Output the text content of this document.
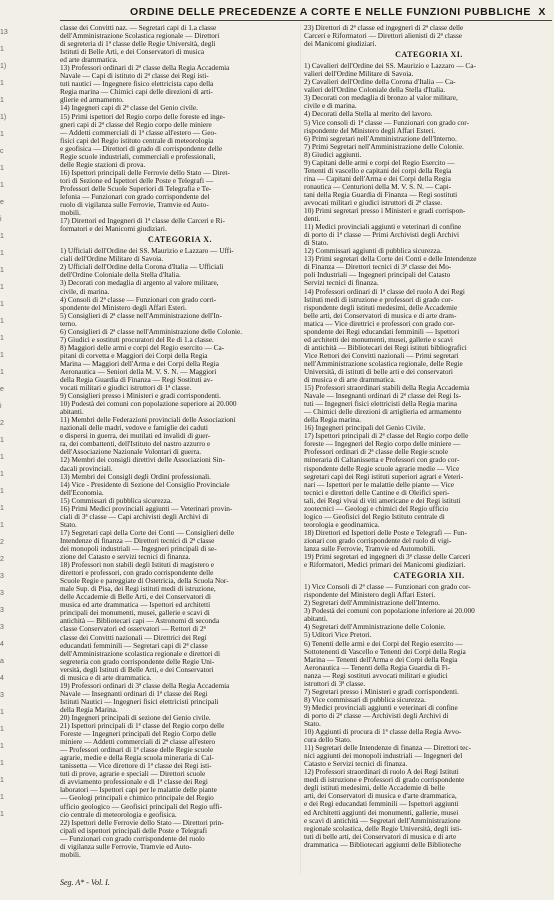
ORDINE DELLE PRECEDENZE A CORTE E NELLE FUNZIONI PUBBLICHE X
13
1
1)
1
1
1)
1
c
1
1
e
i
1
1
1
1
1
1
1
1
1
e
i
2
1
1
1
1
1
1
2
2
3
3
3
3
4
a
4
3
1
1
1
1
1
1
1
classe dei Convitti naz. — Segretari capi di 1.a classe
dell'Amministrazione Scolastica regionale — Direttori
di segreteria di 1ª classe delle Regie Università, degli
Istituti di Belle Arti, e dei Conservatori di musica
ed arte drammatica.
13) Professori ordinari di 2ª classe della Regia Accademia
Navale — Capi di istituto di 2ª classe dei Regi isti-
tuti nautici — Ingegnere fisico elettricista capo della
Regia marina — Chimici capi delle direzioni di arti-
glierie ed armamento.
14) Ingegneri capi di 2ª classe del Genio civile.
15) Primi ispettori del Regio corpo delle foreste ed inge-
gneri capi di 2ª classe del Regio corpo delle miniere
— Addetti commerciali di 1ª classe all'estero — Geo-
fisici capi del Regio istituto centrale di meteorologia
e geofisica — Direttori di grado di corrispondente delle
Regie scuole industriali, commerciali e professionali,
delle Regie stazioni di prova.
16) Ispettori principali delle Ferrovie dello Stato — Diret-
tori di Sezione ed Ispettori delle Poste e Telegrafi —
Professori delle Scuole Superiori di Telegrafia e Te-
lefonia — Funzionari con grado corrispondente del
ruolo di vigilanza sulle Ferrovie, Tramvie ed Auto-
mobili.
17) Direttori ed Ingegneri di 1ª classe delle Carceri e Ri-
formatori e dei Manicomi giudiziari.
CATEGORIA X.
1) Ufficiali dell'Ordine dei SS. Maurizio e Lazzaro — Uffi-
ciali dell'Ordine Militare di Savoia.
2) Ufficiali dell'Ordine della Corona d'Italia — Ufficiali
dell'Ordine Coloniale della Stella d'Italia.
3) Decorati con medaglia di argento al valore militare,
civile, di marina.
4) Consoli di 2ª classe — Funzionari con grado corri-
spondente del Ministero degli Affari Esteri.
5) Consiglieri di 2ª classe nell'Amministrazione dell'In-
terno.
6) Consiglieri di 2ª classe nell'Amministrazione delle Colonie.
7) Giudici e sostituti procuratori del Re di 1.a classe.
8) Maggiori delle armi e corpi del Regio esercito — Ca-
pitani di corvetta e Maggiori dei Corpi della Regia
Marina — Maggiori dell'Arma e dei Corpi della Regia
Aeronautica — Seniori della M. V. S. N. — Maggiori
della Regia Guardia di Finanza — Regi Sostituti av-
vocati militari e giudici istruttori di 1ª classe.
9) Consiglieri presso i Ministeri e gradi corrispondenti.
10) Podestà dei comuni con popolazione superiore ai 20.000
abitanti.
11) Membri delle Federazioni provinciali delle Associazioni
nazionali delle madri, vedove e famiglie dei caduti
e dispersi in guerra, dei mutilati ed invalidi di guer-
ra, dei combattenti, dell'Istituto del nastro azzurro e
dell'Associazione Nazionale Volontari di guerra.
12) Membri dei consigli direttivi delle Associazioni Sin-
dacali provinciali.
13) Membri dei Consigli degli Ordini professionali.
14) Vice - Presidente di Sezione del Consiglio Provinciale
dell'Economia.
15) Commissari di pubblica sicurezza.
16) Primi Medici provinciali aggiunti — Veterinari provin-
ciali di 3ª classe — Capi archivisti degli Archivi di
Stato.
17) Segretari capi della Corte dei Conti — Consiglieri delle
Intendenze di finanza — Direttori tecnici di 2ª classe
dei monopoli industriali — Ingegneri principali di se-
zione del Catasto e servizi tecnici di finanza.
18) Professori non stabili degli Istituti di magistero e
direttori e professori, con grado corrispondente delle
Scuole Regie e pareggiate di Ostetricia, della Scuola Nor-
male Sup. di Pisa, dei Regi istituti medi di istruzione,
delle Accademie di Belle Arti, e dei Conservatori di
musica ed arte drammatica — Ispettori ed architetti
principali dei monumenti, musei, gallerie e scavi di
antichità — Bibliotecari capi — Astronomi di seconda
classe Conservatori ed osservatori — Rettori di 2ª
classe dei Convitti nazionali — Direttrici dei Regi
educandati femminili — Segretari capi di 2ª classe
dell'Amministrazione scolastica regionale e direttori di
segreteria con grado corrispondente delle Regie Uni-
versità, degli Istituti di Belle Arti, e dei Conservatori
di musica e di arte drammatica.
19) Professori ordinari di 3ª classe della Regia Accademia
Navale — Insegnanti ordinari di 1ª classe dei Regi
Istituti Nautici — Ingegneri fisici elettricisti principali
della Regia Marina.
20) Ingegneri principali di sezione del Genio civile.
21) Ispettori principali di 1ª classe del Regio corpo delle
Foreste — Ingegneri principali del Regio Corpo delle
miniere — Addetti commerciali di 2ª classe all'estero
— Professori ordinari di 1ª classe delle Regie scuole
agrarie, medie e della Regia scuola mineraria di Cal-
tanissetta — Vice direttore di 1ª classe dei Regi isti-
tuti di prove, agrarie e speciali — Direttori scuole
di avviamento professionale e di 1ª classe dei Regi
laboratori — Ispettori capi per le malattie delle piante
— Geologi principali e chimico principale del Regio
ufficio geologico — Geofisici principali del Regio uffi-
cio centrale di meteorologia e geofisica.
22) Ispettori delle Ferrovie dello Stato — Direttori prin-
cipali ed ispettori principali delle Poste e Telegrafi
— Funzionari con grado corrispondente del ruolo
di vigilanza sulle Ferrovie, Tramvie ed Auto-
mobili.
23) Direttori di 2ª classe ed ingegneri di 2ª classe delle
Carceri e Riformatori — Direttori alienisti di 2ª classe
dei Manicomi giudiziari.
CATEGORIA XI.
1) Cavalieri dell'Ordine dei SS. Maurizio e Lazzaro — Ca-
valieri dell'Ordine Militare di Savoia.
2) Cavalieri dell'Ordine della Corona d'Italia — Ca-
valieri dell'Ordine Coloniale della Stella d'Italia.
3) Decorati con medaglia di bronzo al valor militare,
civile e di marina.
4) Decorati della Stella al merito del lavoro.
5) Vice consoli di 1ª classe — Funzionari con grado cor-
rispondente del Ministero degli Affari Esteri.
6) Primi segretari nell'Amministrazione dell'Interno.
7) Primi Segretari nell'Amministrazione delle Colonie.
8) Giudici aggiunti.
9) Capitani delle armi e corpi del Regio Esercito —
Tenenti di vascello e capitani dei corpi della Regia
rina — Capitani dell'Arma e dei Corpi della Regia
ronautica — Centurioni della M. V. S. N. — Capi-
tani della Regia Guardia di Finanza — Regi sostituti
avvocati militari e giudici istruttori di 2ª classe.
10) Primi segretari presso i Ministeri e gradi corrispon-
denti.
11) Medici provinciali aggiunti e veterinari di confine
di porto di 1ª classe — Primi Archivisti degli Archivi
di Stato.
12) Commissari aggiunti di pubblica sicurezza.
13) Primi segretari della Corte dei Conti e delle Intendenze
di Finanza — Direttori tecnici di 3ª classe dei Mo-
poli Industriali — Ingegneri principali del Catasto
Servizi tecnici di finanza.
14) Professori ordinari di 1ª classe del ruolo A dei Regi
Istituti medi di istruzione e professori di grado cor-
rispondente degli istituti medesimi, delle Accademie
belle arti, dei Conservatori di musica e di arte dram-
matica — Vice direttrici e professori con grado cor-
spondente dei Regi educandati femminili — Ispettori
ed architetti dei monumenti, musei, gallerie e scavi
di antichità — Bibliotecari dei Regi istituti bibliografici
Vice Rettori dei Convitti nazionali — Primi segretari
nell'Amministrazione scolastica regionale, delle Regie
Università, di istituti di belle arti e dei conservatori
di musica e di arte drammatica.
15) Professori straordinari stabili della Regia Accademia
Navale — Insegnanti ordinari di 2ª classe dei Regi Is-
tuti — Ingegneri fisici elettricisti della Regia marina
— Chimici delle direzioni di artiglieria ed armamento
della Regia marina.
16) Ingegneri principali del Genio Civile.
17) Ispettori principali di 2ª classe del Regio corpo delle
foreste — Ingegneri del Regio corpo delle miniere —
Professori ordinari di 2ª classe delle Regie scuole
mineraria di Caltanissetta e Professori con grado cor-
rispondente delle Regie scuole agrarie medie — Vice
segretari capi dei Regi istituti superiori agrari e Veteri-
nari — Ispettori per le malattie delle piante — Vice
tecnici e direttori delle Cantine e di Oleifici speri-
tali, dei Regi vivai di viti americane e dei Regi istituti
zootecnici — Geologi e chimici del Regio ufficio
logico — Geofisici del Regio Istituto centrale di
teorologia e geodinamica.
18) Direttori ed Ispettori delle Poste e Telegrafi — Fun-
zionari con grado corrispondente del ruolo di vigi-
lanza sulle Ferrovie, Tramvie ed Automobili.
19) Primi segretari ed ingegneri di 3ª classe delle Carceri
e Riformatori, Medici primari dei Manicomi giudiziari.
CATEGORIA XII.
1) Vice Consoli di 2ª classe — Funzionari con grado cor-
rispondente del Ministero degli Affari Esteri.
2) Segretari dell'Amministrazione dell'Interno.
3) Podestà dei comuni con popolazione inferiore ai 20.000
abitanti.
4) Segretari dell'Amministrazione delle Colonie.
5) Uditori Vice Pretori.
6) Tenenti delle armi e dei Corpi del Regio esercito —
Sottotenenti di Vascello e Tenenti dei Corpi della Regia
Marina — Tenenti dell'Arma e dei Corpi della Regia
Aeronautica — Tenenti della Regia Guardia di Fi-
nanza — Regi sostituti avvocati militari e giudici
istruttori di 3ª classe.
7) Segretari presso i Ministeri e gradi corrispondenti.
8) Vice commissari di pubblica sicurezza.
9) Medici provinciali aggiunti e veterinari di confine
di porto di 2ª classe — Archivisti degli Archivi di
Stato.
10) Aggiunti di procura di 1ª classe della Regia Avvo-
cura dello Stato.
11) Segretari delle Intendenze di finanza — Direttori tec-
nici aggiunti dei monopoli industriali — Ingegneri del
Catasto e Servizi tecnici di finanza.
12) Professori straordinari di ruolo A dei Regi Istituti
medi di istruzione e Professori di grado corrispondente
degli istituti medesimi, delle Accademie di belle
arti, dei Conservatori di musica e d'arte drammatica,
e dei Regi educandati femminili — Ispettori aggiunti
ed Architetti aggiunti dei monumenti, gallerie, musei
e scavi di antichità — Segretari dell'Amministrazione
regionale scolastica, delle Regie Università, degli isti-
tuti di belle arti, dei Conservatori di musica e di arte
drammatica — Bibliotecari aggiunti delle Biblioteche
Seg. A* - Vol. I.
